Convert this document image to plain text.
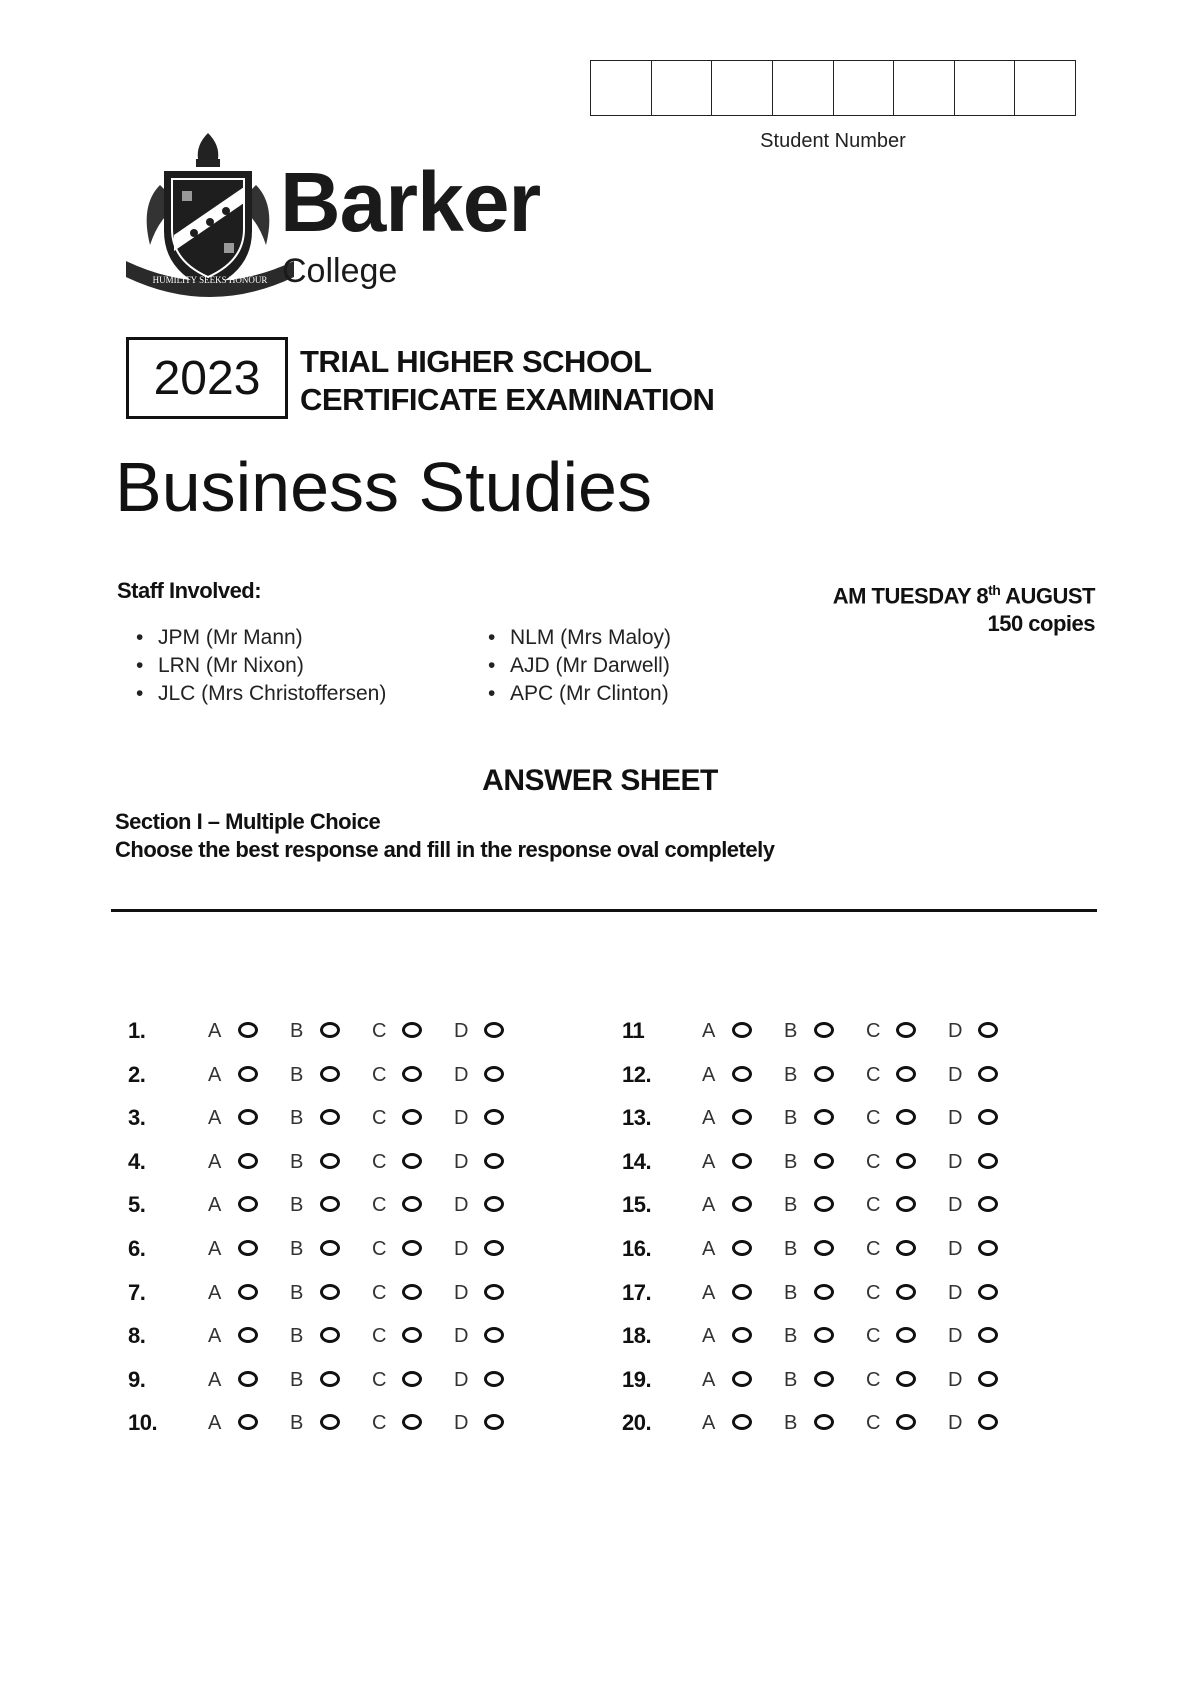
Student Number
HUMILITY SEEKS HONOUR
Barker
College
2023	TRIAL HIGHER SCHOOL
CERTIFICATE EXAMINATION
Business Studies
Staff Involved:	AM TUESDAY 8th AUGUST
150 copies
• JPM (Mr Mann)
• LRN (Mr Nixon)
• JLC (Mrs Christoffersen)
• NLM (Mrs Maloy)
• AJD (Mr Darwell)
• APC (Mr Clinton)
ANSWER SHEET
Section I – Multiple Choice
Choose the best response and fill in the response oval completely
1.	A	B	C	D
2.	A	B	C	D
3.	A	B	C	D
4.	A	B	C	D
5.	A	B	C	D
6.	A	B	C	D
7.	A	B	C	D
8.	A	B	C	D
9.	A	B	C	D
10.	A	B	C	D
11	A	B	C	D
12.	A	B	C	D
13.	A	B	C	D
14.	A	B	C	D
15.	A	B	C	D
16.	A	B	C	D
17.	A	B	C	D
18.	A	B	C	D
19.	A	B	C	D
20.	A	B	C	D
